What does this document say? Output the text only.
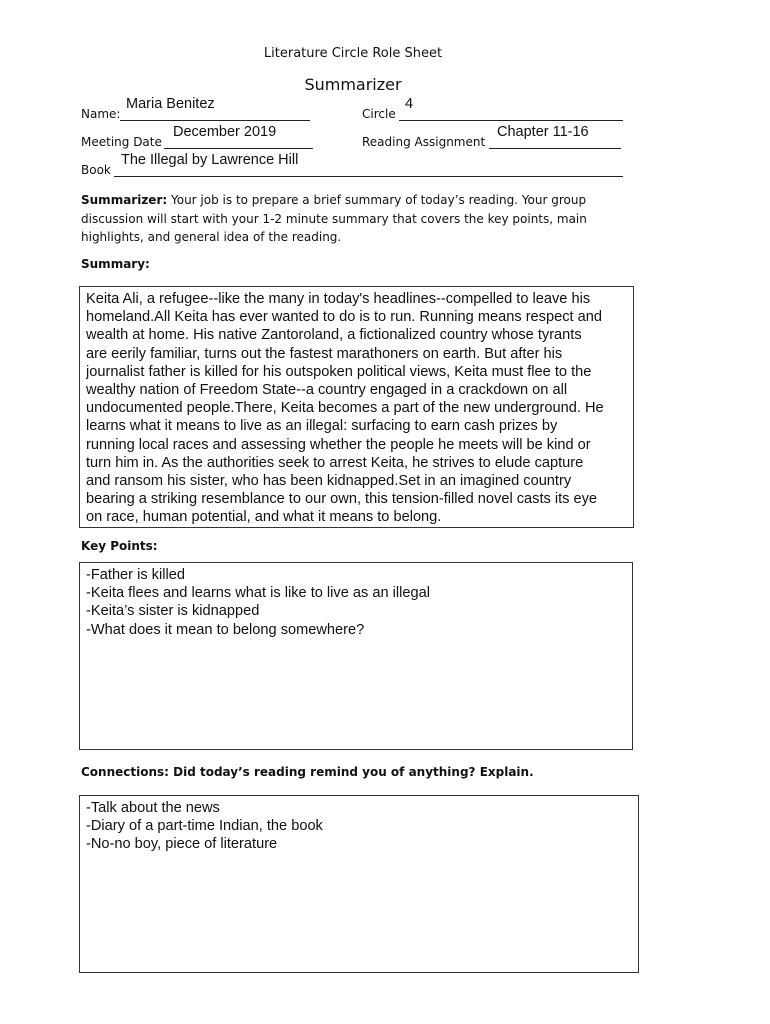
Literature Circle Role Sheet
Summarizer
Name:
Maria Benitez
Circle
4
Meeting Date
December 2019
Reading Assignment
Chapter 11-16
Book
The Illegal by Lawrence Hill
Summarizer: Your job is to prepare a brief summary of today’s reading. Your group discussion will start with your 1-2 minute summary that covers the key points, main highlights, and general idea of the reading.
Summary:
Keita Ali, a refugee--like the many in today's headlines--compelled to leave his
homeland.All Keita has ever wanted to do is to run. Running means respect and
wealth at home. His native Zantoroland, a fictionalized country whose tyrants
are eerily familiar, turns out the fastest marathoners on earth. But after his
journalist father is killed for his outspoken political views, Keita must flee to the
wealthy nation of Freedom State--a country engaged in a crackdown on all
undocumented people.There, Keita becomes a part of the new underground. He
learns what it means to live as an illegal: surfacing to earn cash prizes by
running local races and assessing whether the people he meets will be kind or
turn him in. As the authorities seek to arrest Keita, he strives to elude capture
and ransom his sister, who has been kidnapped.Set in an imagined country
bearing a striking resemblance to our own, this tension-filled novel casts its eye
on race, human potential, and what it means to belong.
Key Points:
-Father is killed
-Keita flees and learns what is like to live as an illegal
-Keita’s sister is kidnapped
-What does it mean to belong somewhere?
Connections: Did today’s reading remind you of anything? Explain.
-Talk about the news
-Diary of a part-time Indian, the book
-No-no boy, piece of literature
